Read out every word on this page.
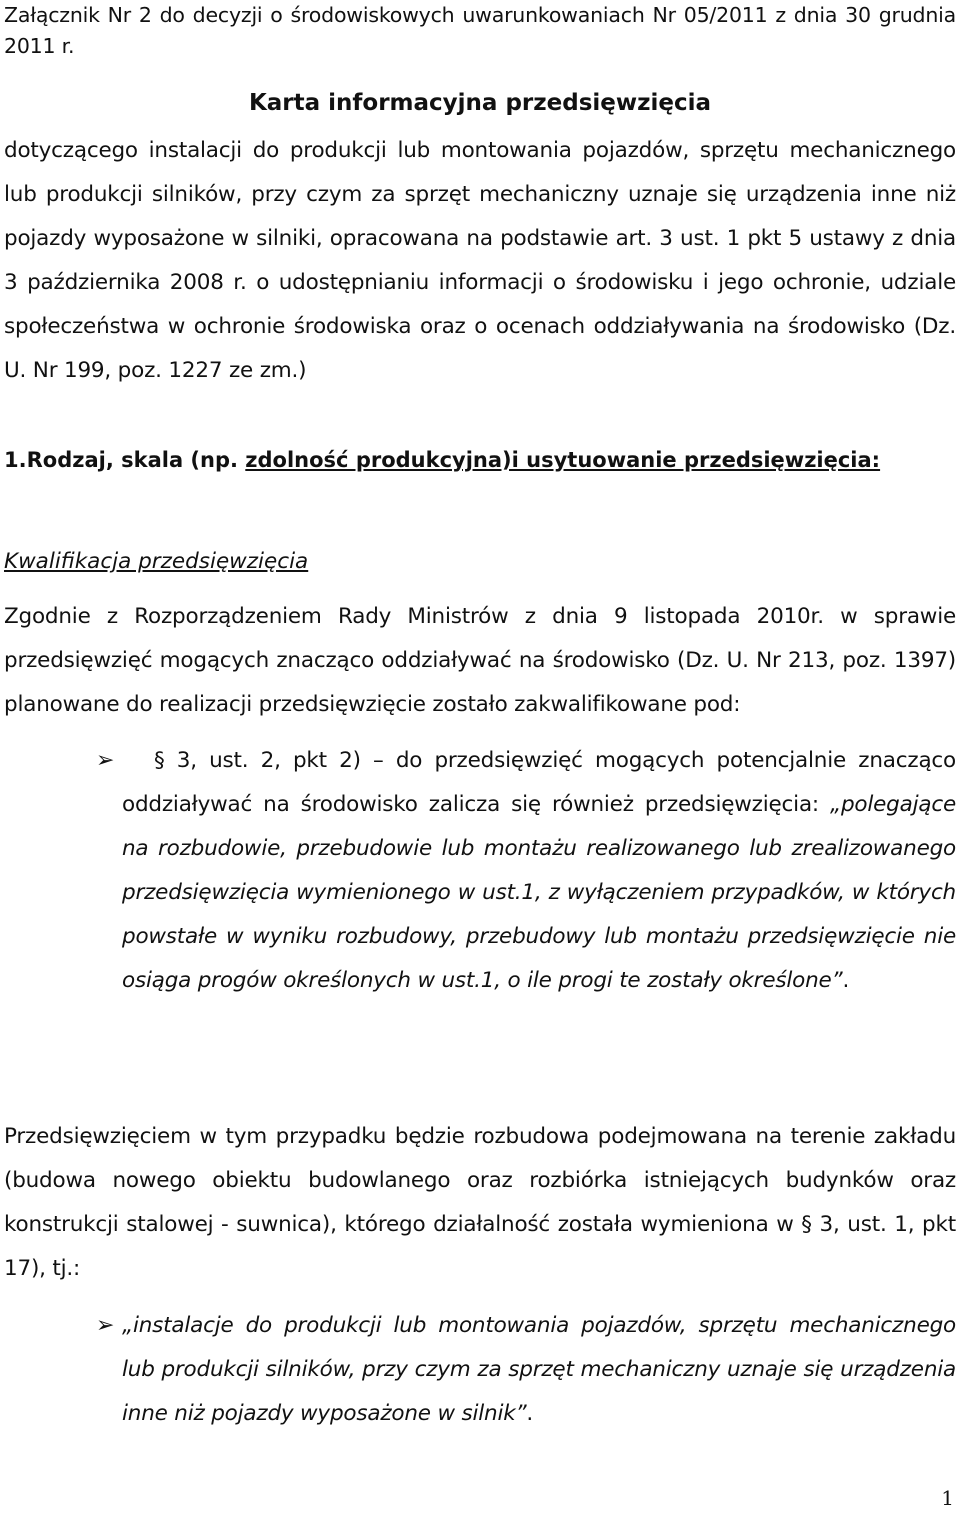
Załącznik Nr 2 do decyzji o środowiskowych uwarunkowaniach Nr 05/2011 z dnia 30 grudnia 2011 r.
Karta informacyjna przedsięwzięcia
dotyczącego instalacji do produkcji lub montowania pojazdów, sprzętu mechanicznego lub produkcji silników, przy czym za sprzęt mechaniczny uznaje się urządzenia inne niż pojazdy wyposażone w silniki, opracowana na podstawie art. 3 ust. 1 pkt 5 ustawy z dnia 3 października 2008 r. o udostępnianiu informacji o środowisku i jego ochronie, udziale społeczeństwa w ochronie środowiska oraz o ocenach oddziaływania na środowisko (Dz. U. Nr 199, poz. 1227 ze zm.)
1.Rodzaj, skala (np. zdolność produkcyjna)i usytuowanie przedsięwzięcia:
Kwalifikacja przedsięwzięcia
Zgodnie z Rozporządzeniem Rady Ministrów z dnia 9 listopada 2010r. w sprawie przedsięwzięć mogących znacząco oddziaływać na środowisko (Dz. U. Nr 213, poz. 1397) planowane do realizacji przedsięwzięcie zostało zakwalifikowane pod:
➢	§ 3, ust. 2, pkt 2) – do przedsięwzięć mogących potencjalnie znacząco oddziaływać na środowisko zalicza się również przedsięwzięcia: „polegające na rozbudowie, przebudowie lub montażu realizowanego lub zrealizowanego przedsięwzięcia wymienionego w ust.1, z wyłączeniem przypadków, w których powstałe w wyniku rozbudowy, przebudowy lub montażu przedsięwzięcie nie osiąga progów określonych w ust.1, o ile progi te zostały określone”.
Przedsięwzięciem w tym przypadku będzie rozbudowa podejmowana na terenie zakładu (budowa nowego obiektu budowlanego oraz rozbiórka istniejących budynków oraz konstrukcji stalowej - suwnica), którego działalność została wymieniona w § 3, ust. 1, pkt 17), tj.:
➢ „instalacje do produkcji lub montowania pojazdów, sprzętu mechanicznego lub produkcji silników, przy czym za sprzęt mechaniczny uznaje się urządzenia inne niż pojazdy wyposażone w silnik”.
1
